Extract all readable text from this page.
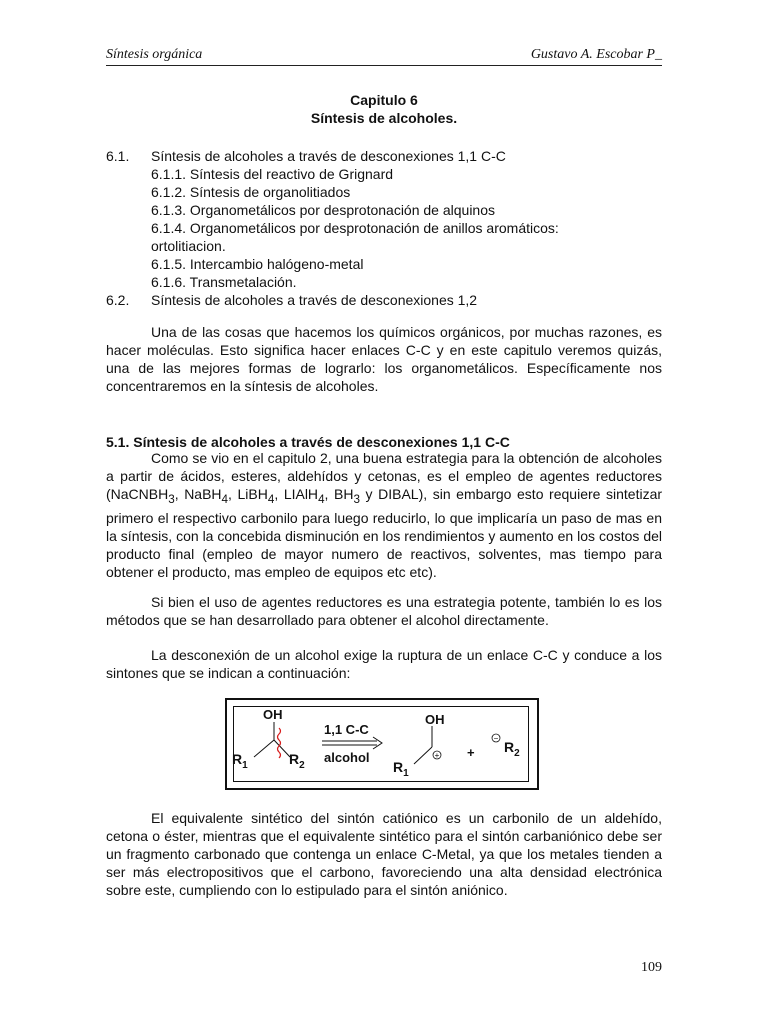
Síntesis orgánica	Gustavo A. Escobar P_
Capitulo 6
Síntesis de alcoholes.
6.1. Síntesis de alcoholes a través de desconexiones 1,1 C-C
6.1.1. Síntesis del reactivo de Grignard
6.1.2. Síntesis de organolitiados
6.1.3. Organometálicos por desprotonación de alquinos
6.1.4. Organometálicos por desprotonación de anillos aromáticos:
ortolitiacion.
6.1.5. Intercambio halógeno-metal
6.1.6. Transmetalación.
6.2. Síntesis de alcoholes a través de desconexiones 1,2

Una de las cosas que hacemos los químicos orgánicos, por muchas razones, es hacer moléculas. Esto significa hacer enlaces C-C y en este capitulo veremos quizás, una de las mejores formas de lograrlo: los organometálicos. Específicamente nos concentraremos en la síntesis de alcoholes.

5.1. Síntesis de alcoholes a través de desconexiones 1,1 C-C

Como se vio en el capitulo 2, una buena estrategia para la obtención de alcoholes a partir de ácidos, esteres, aldehídos y cetonas, es el empleo de agentes reductores (NaCNBH$_3$, NaBH$_4$, LiBH$_4$, LIAlH$_4$, $BH_3$ y DIBAL), sin embargo esto requiere sintetizar primero el respectivo carbonilo para luego reducirlo, lo que implicaría un paso de mas en la síntesis, con la concebida disminución en los rendimientos y aumento en los costos del producto final (empleo de mayor numero de reactivos, solventes, mas tiempo para obtener el producto, mas empleo de equipos etc etc).

Si bien el uso de agentes reductores es una estrategia potente, también lo es los métodos que se han desarrollado para obtener el alcohol directamente.

La desconexión de un alcohol exige la ruptura de un enlace C-C y conduce a los sintones que se indican a continuación:

OH
$R_1$	$R_2$
1,1 C-C
alcohol
OH
$R_1$
+ +
−
$R_2$

El equivalente sintético del sintón catiónico es un carbonilo de un aldehído, cetona o éster, mientras que el equivalente sintético para el sintón carbaniónico debe ser un fragmento carbonado que contenga un enlace C-Metal, ya que los metales tienden a ser más electropositivos que el carbono, favoreciendo una alta densidad electrónica sobre este, cumpliendo con lo estipulado para el sintón aniónico.

109
